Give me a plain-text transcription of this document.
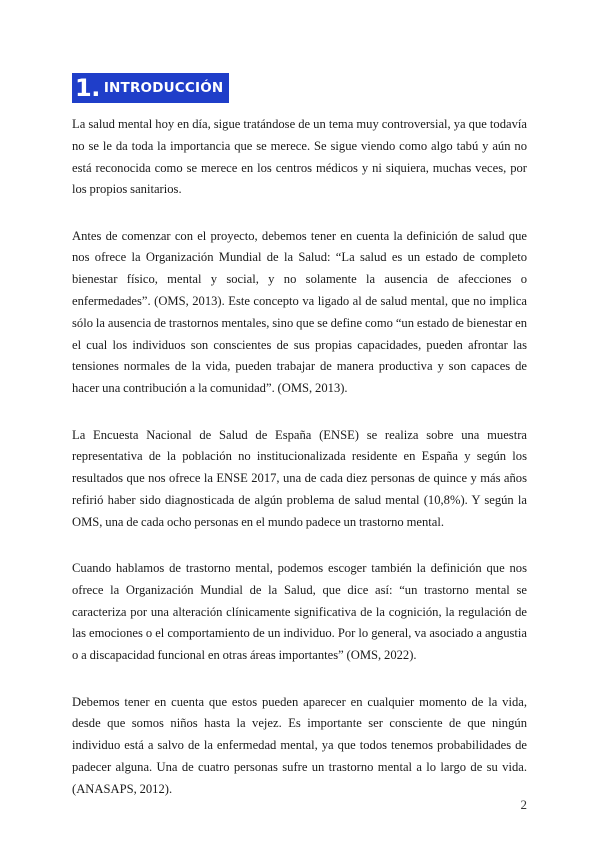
1. INTRODUCCIÓN

La salud mental hoy en día, sigue tratándose de un tema muy controversial, ya que todavía no se le da toda la importancia que se merece. Se sigue viendo como algo tabú y aún no está reconocida como se merece en los centros médicos y ni siquiera, muchas veces, por los propios sanitarios.

Antes de comenzar con el proyecto, debemos tener en cuenta la definición de salud que nos ofrece la Organización Mundial de la Salud: “La salud es un estado de completo bienestar físico, mental y social, y no solamente la ausencia de afecciones o enfermedades”. (OMS, 2013). Este concepto va ligado al de salud mental, que no implica sólo la ausencia de trastornos mentales, sino que se define como “un estado de bienestar en el cual los individuos son conscientes de sus propias capacidades, pueden afrontar las tensiones normales de la vida, pueden trabajar de manera productiva y son capaces de hacer una contribución a la comunidad”. (OMS, 2013).

La Encuesta Nacional de Salud de España (ENSE) se realiza sobre una muestra representativa de la población no institucionalizada residente en España y según los resultados que nos ofrece la ENSE 2017, una de cada diez personas de quince y más años refirió haber sido diagnosticada de algún problema de salud mental (10,8%). Y según la OMS, una de cada ocho personas en el mundo padece un trastorno mental.

Cuando hablamos de trastorno mental, podemos escoger también la definición que nos ofrece la Organización Mundial de la Salud, que dice así: “un trastorno mental se caracteriza por una alteración clínicamente significativa de la cognición, la regulación de las emociones o el comportamiento de un individuo. Por lo general, va asociado a angustia o a discapacidad funcional en otras áreas importantes” (OMS, 2022).

Debemos tener en cuenta que estos pueden aparecer en cualquier momento de la vida, desde que somos niños hasta la vejez. Es importante ser consciente de que ningún individuo está a salvo de la enfermedad mental, ya que todos tenemos probabilidades de padecer alguna. Una de cuatro personas sufre un trastorno mental a lo largo de su vida. (ANASAPS, 2012).

2
